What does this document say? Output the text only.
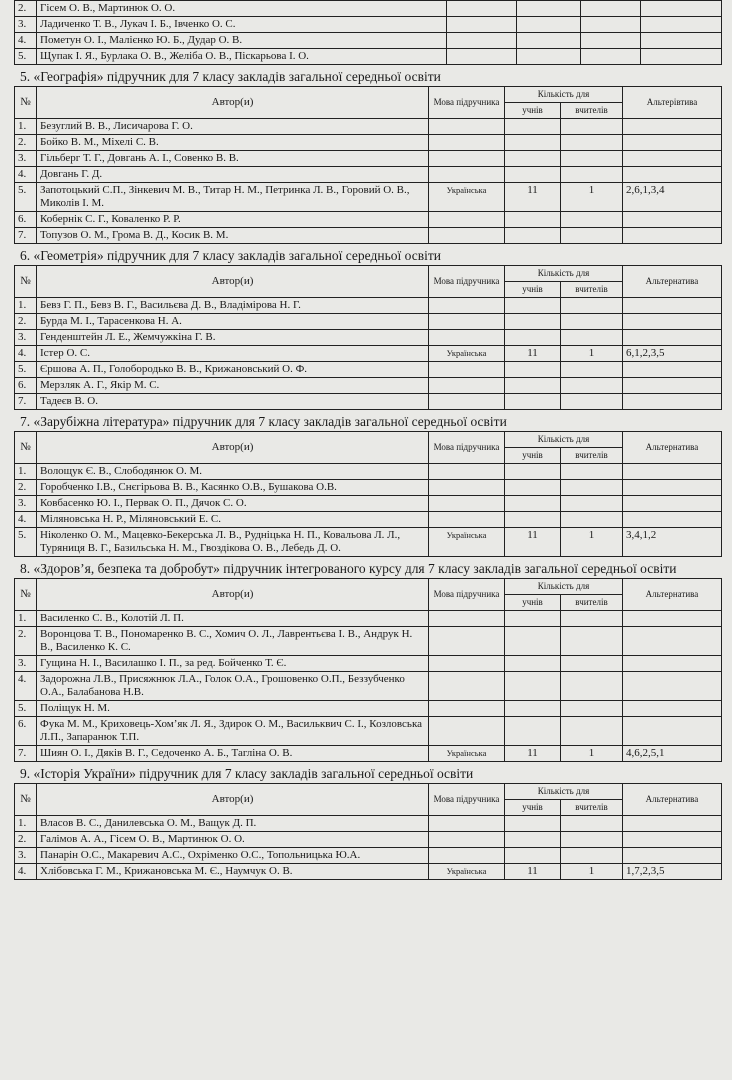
2.	Гісем О. В., Мартинюк О. О.				
3.	Ладиченко Т. В., Лукач І. Б., Івченко О. С.				
4.	Пометун О. І., Малієнко Ю. Б., Дудар О. В.				
5.	Щупак І. Я., Бурлака О. В., Желіба О. В., Піскарьова І. О.				
5. «Географія» підручник для 7 класу закладів загальної середньої освіти
№	Автор(и)	Мова підручника	Кількість для		Альтерiвтива
			учнів	вчителів	
1.	Безуглий В. В., Лисичарова Г. О.				
2.	Бойко В. М., Міхелі С. В.				
3.	Гільберг Т. Г., Довгань А. І., Совенко В. В.				
4.	Довгань Г. Д.				
5.	Запотоцький С.П., Зінкевич М. В., Титар Н. М., Петринка Л. В., Горовий О. В., Миколів І. М.	Українська	11	1	2,6,1,3,4
6.	Кобернік С. Г., Коваленко Р. Р.				
7.	Топузов О. М., Грома В. Д., Косик В. М.				
6. «Геометрія» підручник для 7 класу закладів загальної середньої освіти
№	Автор(и)	Мова підручника	Кількість для		Альтернатива
			учнів	вчителів	
1.	Бевз Г. П., Бевз В. Г., Васильєва Д. В., Владімірова Н. Г.				
2.	Бурда М. І., Тарасенкова Н. А.				
3.	Генденштейн Л. Е., Жемчужкіна Г. В.				
4.	Істер О. С.	Українська	11	1	6,1,2,3,5
5.	Єршова А. П., Голобородько В. В., Крижановський О. Ф.				
6.	Мерзляк А. Г., Якір М. С.				
7.	Тадеєв В. О.				
7. «Зарубіжна література» підручник для 7 класу закладів загальної середньої освіти
№	Автор(и)	Мова підручника	Кількість для		Альтернатива
			учнів	вчителів	
1.	Волощук Є. В., Слободянюк О. М.				
2.	Горобченко І.В., Снєгірьова В. В., Касянко О.В., Бушакова О.В.				
3.	Ковбасенко Ю. І., Первак О. П., Дячок С. О.				
4.	Міляновська Н. Р., Міляновський Е. С.				
5.	Ніколенко О. М., Мацевко-Бекерська Л. В., Рудніцька Н. П., Ковальова Л. Л., Туряниця В. Г., Базильська Н. М., Гвоздікова О. В., Лебедь Д. О.	Українська	11	1	3,4,1,2
8. «Здоров’я, безпека та добробут» підручник інтегрованого курсу для 7 класу закладів загальної середньої освіти
№	Автор(и)	Мова підручника	Кількість для		Альтернатива
			учнів	вчителів	
1.	Василенко С. В., Колотій Л. П.				
2.	Воронцова Т. В., Пономаренко В. С., Хомич О. Л., Лаврентьєва І. В., Андрук Н. В., Василенко К. С.				
3.	Гущина Н. І., Василашко І. П., за ред. Бойченко Т. Є.				
4.	Задорожна Л.В., Присяжнюк Л.А., Голок О.А., Грошовенко О.П., Беззубченко О.А., Балабанова Н.В.				
5.	Поліщук Н. М.				
6.	Фука М. М., Криховець-Хом’як Л. Я., Здирок О. М., Васильквич С. І., Козловська Л.П., Запаранюк Т.П.				
7.	Шиян О. І., Дяків В. Г., Седоченко А. Б., Тагліна О. В.	Українська	11	1	4,6,2,5,1
9. «Історія України» підручник для 7 класу закладів загальної середньої освіти
№	Автор(и)	Мова підручника	Кількість для		Альтернатива
			учнів	вчителів	
1.	Власов В. С., Данилевська О. М., Ващук Д. П.				
2.	Галімов А. А., Гісем О. В., Мартинюк О. О.				
3.	Панарін О.С., Макаревич А.С., Охріменко О.С., Топольницька Ю.А.				
4.	Хлібовська Г. М., Крижановська М. Є., Наумчук О. В.	Українська	11	1	1,7,2,3,5
